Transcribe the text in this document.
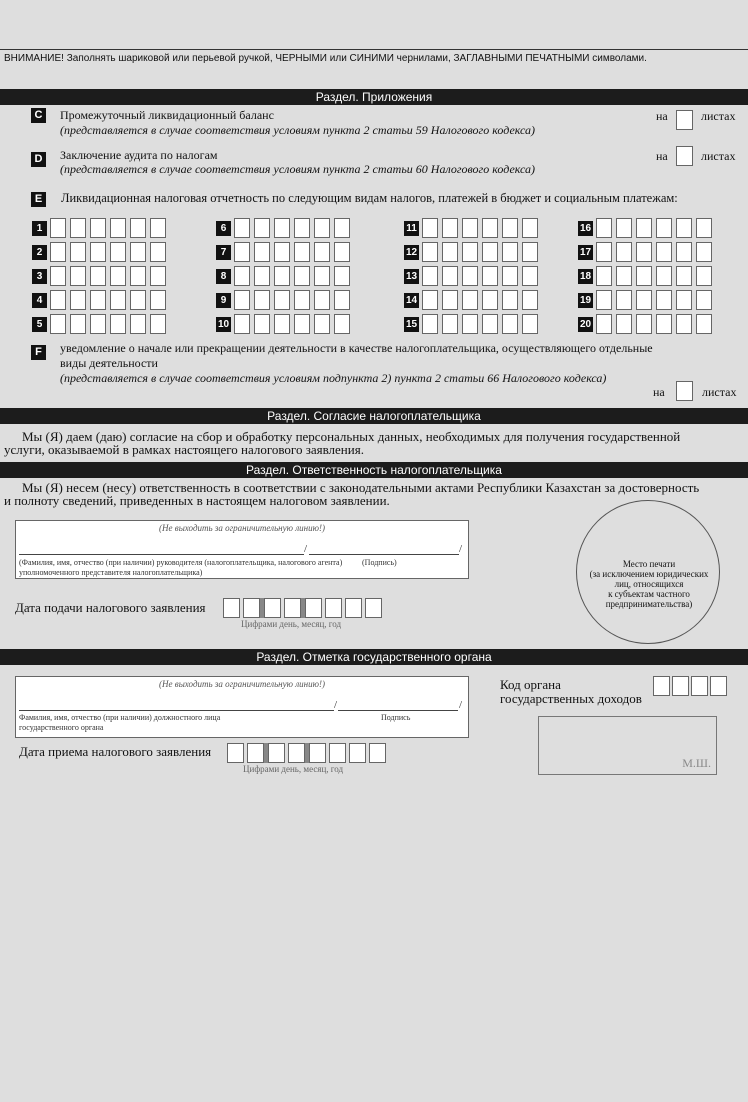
ВНИМАНИЕ! Заполнять шариковой или перьевой ручкой, ЧЕРНЫМИ или СИНИМИ чернилами, ЗАГЛАВНЫМИ ПЕЧАТНЫМИ символами.
Раздел. Приложения
C Промежуточный ликвидационный баланс
(представляется в случае соответствия условиям пункта 2 статьи 59 Налогового кодекса)
на	листах
D Заключение аудита по налогам
(представляется в случае соответствия условиям пункта 2 статьи 60 Налогового кодекса)
на	листах
E	Ликвидационная налоговая отчетность по следующим видам налогов, платежей в бюджет и социальным платежам:
1
2
3
4
5
6
7
8
9
10
11
12
13
14
15
16
17
18
19
20
F	уведомление о начале или прекращении деятельности в качестве налогоплательщика, осуществляющего отдельные
виды деятельности
(представляется в случае соответствия условиям подпункта 2) пункта 2 статьи 66 Налогового кодекса)
на	листах
Раздел. Согласие налогоплательщика
Мы (Я) даем (даю) согласие на сбор и обработку персональных данных, необходимых для получения государственной
услуги, оказываемой в рамках настоящего налогового заявления.
Раздел. Ответственность налогоплательщика
Мы (Я) несем (несу) ответственность в соответствии с законодательными актами Республики Казахстан за достоверность
и полноту сведений, приведенных в настоящем налоговом заявлении.
(Не выходить за ограничительную линию!)
/	/
(Фамилия, имя, отчество (при наличии) руководителя (налогоплательщика, налогового агента)
уполномоченного представителя налогоплательщика)
(Подпись)
Дата подачи налогового заявления
Цифрами день, месяц, год
Место печати
(за исключением юридических
лиц, относящихся
к субъектам частного
предпринимательства)
Раздел. Отметка государственного органа
(Не выходить за ограничительную линию!)
/	/
Фамилия, имя, отчество (при наличии) должностного лица
государственного органа
Подпись
Код органа
государственных доходов
М.Ш.
Дата приема налогового заявления
Цифрами день, месяц, год
